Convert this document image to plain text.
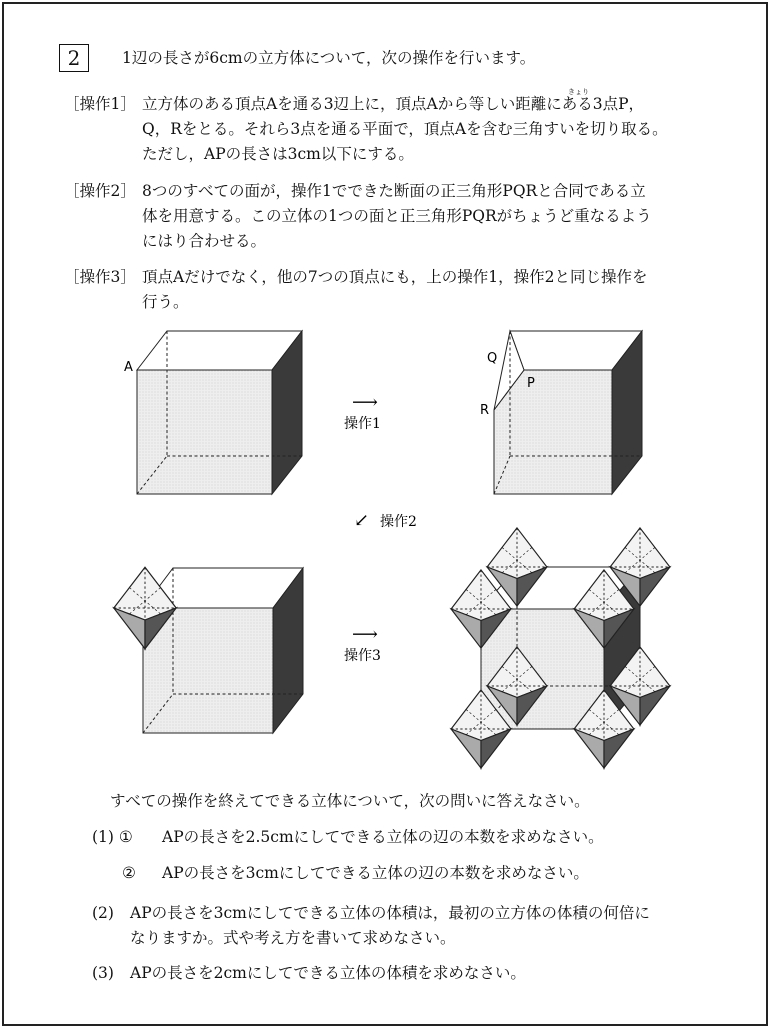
2	1辺の長さが6cmの立方体について，次の操作を行います。
［操作1］
きょり
立方体のある頂点Aを通る3辺上に，頂点Aから等しい距離にある3点P，
Q，Rをとる。それら3点を通る平面で，頂点Aを含む三角すいを切り取る。
ただし，APの長さは3cm以下にする。
［操作2］ 8つのすべての面が，操作1でできた断面の正三角形PQRと合同である立
体を用意する。この立体の1つの面と正三角形PQRがちょうど重なるよう
にはり合わせる。
［操作3］ 頂点Aだけでなく，他の7つの頂点にも，上の操作1，操作2と同じ操作を
行う。
A
Q
P
R
⟶
操作1
↙ 操作2
⟶
操作3
すべての操作を終えてできる立体について，次の問いに答えなさい。
(1) ① APの長さを2.5cmにしてできる立体の辺の本数を求めなさい。
② APの長さを3cmにしてできる立体の辺の本数を求めなさい。
(2) APの長さを3cmにしてできる立体の体積は，最初の立方体の体積の何倍に
なりますか。式や考え方を書いて求めなさい。
(3) APの長さを2cmにしてできる立体の体積を求めなさい。
